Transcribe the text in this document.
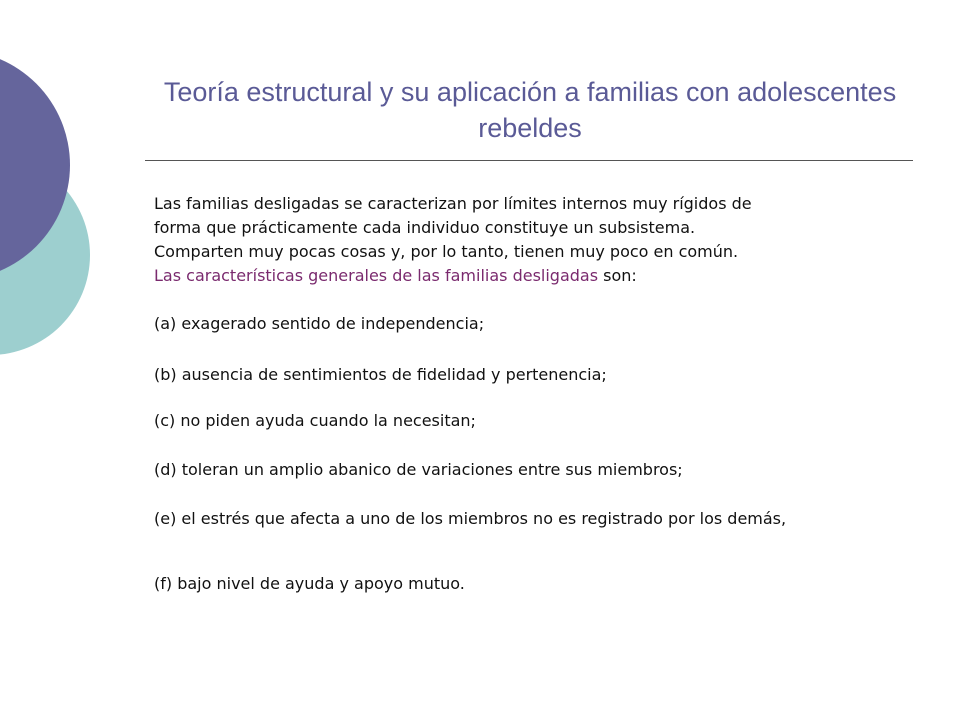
Teoría estructural y su aplicación a familias con adolescentes rebeldes

Las familias desligadas se caracterizan por límites internos muy rígidos de

forma que prácticamente cada individuo constituye un subsistema.

Comparten muy pocas cosas y, por lo tanto, tienen muy poco en común.

Las características generales de las familias desligadas son:

(a) exagerado sentido de independencia;

(b) ausencia de sentimientos de fidelidad y pertenencia;

(c) no piden ayuda cuando la necesitan;

(d) toleran un amplio abanico de variaciones entre sus miembros;

(e) el estrés que afecta a uno de los miembros no es registrado por los demás,

(f) bajo nivel de ayuda y apoyo mutuo.
